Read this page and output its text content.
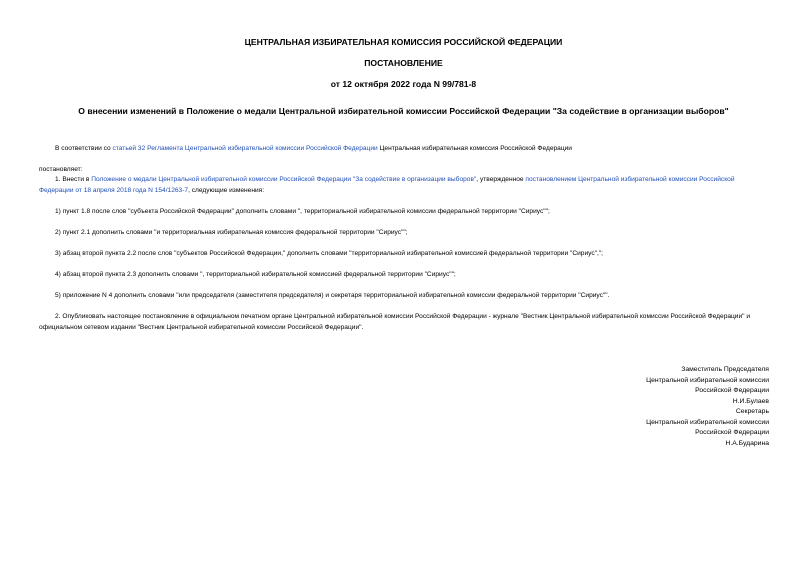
ЦЕНТРАЛЬНАЯ ИЗБИРАТЕЛЬНАЯ КОМИССИЯ РОССИЙСКОЙ ФЕДЕРАЦИИ
ПОСТАНОВЛЕНИЕ
от 12 октября 2022 года N 99/781-8
О внесении изменений в Положение о медали Центральной избирательной комиссии Российской Федерации "За содействие в организации выборов"
В соответствии со статьей 32 Регламента Центральной избирательной комиссии Российской Федерации Центральная избирательная комиссия Российской Федерации
постановляет:
1. Внести в Положение о медали Центральной избирательной комиссии Российской Федерации "За содействие в организации выборов", утвержденное постановлением Центральной избирательной комиссии Российской Федерации от 18 апреля 2018 года N 154/1263-7, следующие изменения:
1) пункт 1.8 после слов "субъекта Российской Федерации" дополнить словами ", территориальной избирательной комиссии федеральной территории "Сириус"";
2) пункт 2.1 дополнить словами "и территориальная избирательная комиссия федеральной территории "Сириус"";
3) абзац второй пункта 2.2 после слов "субъектов Российской Федерации," дополнить словами "территориальной избирательной комиссией федеральной территории "Сириус",";
4) абзац второй пункта 2.3 дополнить словами ", территориальной избирательной комиссией федеральной территории "Сириус"";
5) приложение N 4 дополнить словами "или председателя (заместителя председателя) и секретаря территориальной избирательной комиссии федеральной территории "Сириус"".
2. Опубликовать настоящее постановление в официальном печатном органе Центральной избирательной комиссии Российской Федерации - журнале "Вестник Центральной избирательной комиссии Российской Федерации" и официальном сетевом издании "Вестник Центральной избирательной комиссии Российской Федерации".
Заместитель Председателя
Центральной избирательной комиссии
Российской Федерации
Н.И.Булаев
Секретарь
Центральной избирательной комиссии
Российской Федерации
Н.А.Бударина
